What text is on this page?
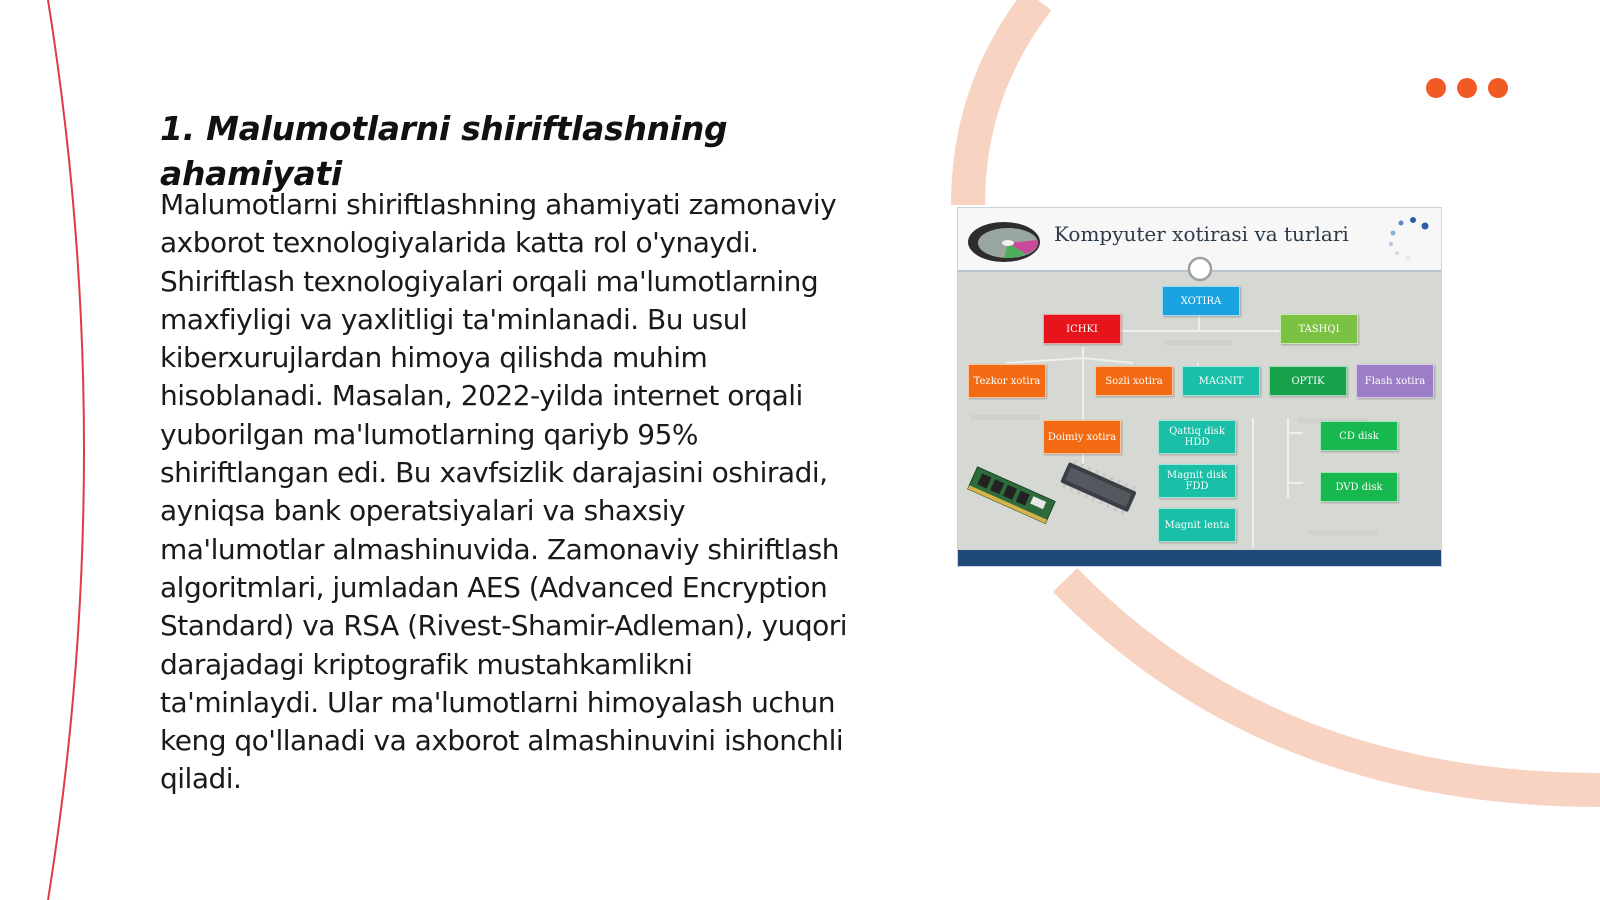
1. Malumotlarni shiriftlashning ahamiyati

Malumotlarni shiriftlashning ahamiyati zamonaviy axborot texnologiyalarida katta rol o'ynaydi. Shiriftlash texnologiyalari orqali ma'lumotlarning maxfiyligi va yaxlitligi ta'minlanadi. Bu usul kiberxurujlardan himoya qilishda muhim hisoblanadi. Masalan, 2022-yilda internet orqali yuborilgan ma'lumotlarning qariyb 95% shiriftlangan edi. Bu xavfsizlik darajasini oshiradi, ayniqsa bank operatsiyalari va shaxsiy ma'lumotlar almashinuvida. Zamonaviy shiriftlash algoritmlari, jumladan AES (Advanced Encryption Standard) va RSA (Rivest-Shamir-Adleman), yuqori darajadagi kriptografik mustahkamlikni ta'minlaydi. Ular ma'lumotlarni himoyalash uchun keng qo'llanadi va axborot almashinuvini ishonchli qiladi.

Kompyuter xotirasi va turlari
XOTIRA
ICHKI	TASHQI
Tezkor xotira	Sozli xotira	MAGNIT	OPTIK	Flash xotira
Doimiy xotira	Qattiq disk HDD
Magnit disk FDD
Magnit lenta
CD disk
DVD disk
